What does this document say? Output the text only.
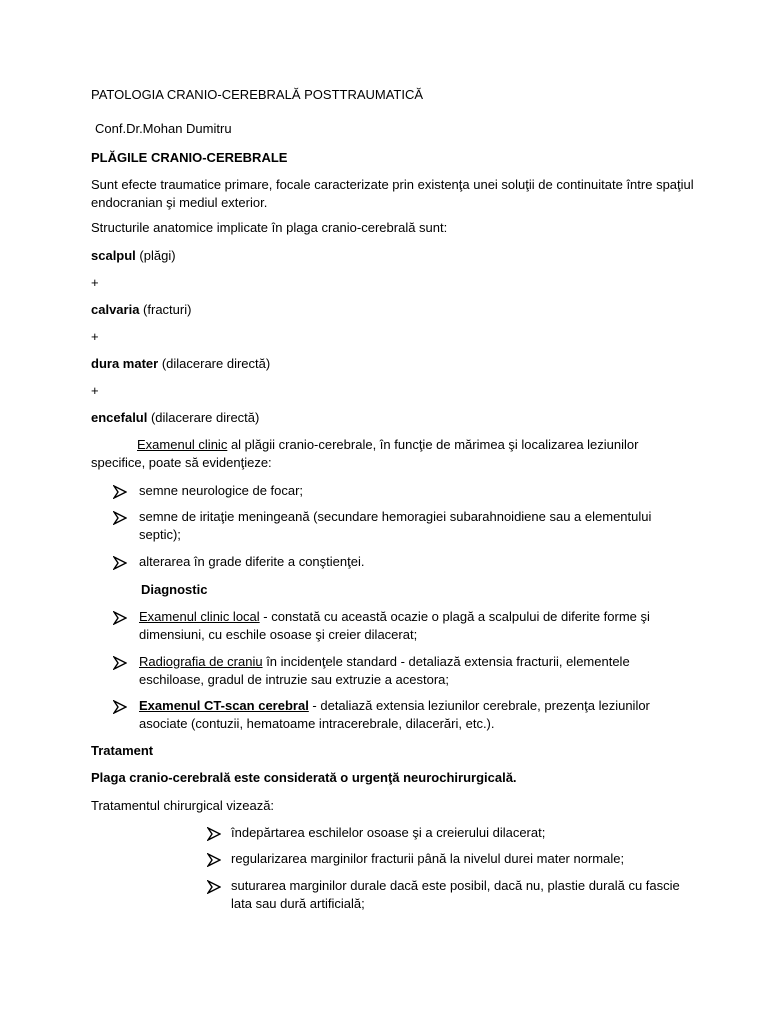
PATOLOGIA CRANIO-CEREBRALĂ POSTTRAUMATICĂ

Conf.Dr.Mohan Dumitru

PLĂGILE CRANIO-CEREBRALE

Sunt efecte traumatice primare, focale caracterizate prin existenţa unei soluţii de continuitate între spaţiul endocranian şi mediul exterior.

Structurile anatomice implicate în plaga cranio-cerebrală sunt:

scalpul (plăgi)

+

calvaria (fracturi)

+

dura mater (dilacerare directă)

+

encefalul (dilacerare directă)

Examenul clinic al plăgii cranio-cerebrale, în funcţie de mărimea şi localizarea leziunilor specifice, poate să evidenţieze:

semne neurologice de focar;

semne de iritaţie meningeană (secundare hemoragiei subarahnoidiene sau a elementului septic);

alterarea în grade diferite a conştienţei.

Diagnostic

Examenul clinic local - constată cu această ocazie o plagă a scalpului de diferite forme şi dimensiuni, cu eschile osoase şi creier dilacerat;

Radiografia de craniu în incidenţele standard - detaliază extensia fracturii, elementele eschiloase, gradul de intruzie sau extruzie a acestora;

Examenul CT-scan cerebral - detaliază extensia leziunilor cerebrale, prezenţa leziunilor asociate (contuzii, hematoame intracerebrale, dilacerări, etc.).

Tratament

Plaga cranio-cerebrală este considerată o urgenţă neurochirurgicală.

Tratamentul chirurgical vizează:

îndepărtarea eschilelor osoase şi a creierului dilacerat;

regularizarea marginilor fracturii până la nivelul durei mater normale;

suturarea marginilor durale dacă este posibil, dacă nu, plastie durală cu fascie lata sau dură artificială;
